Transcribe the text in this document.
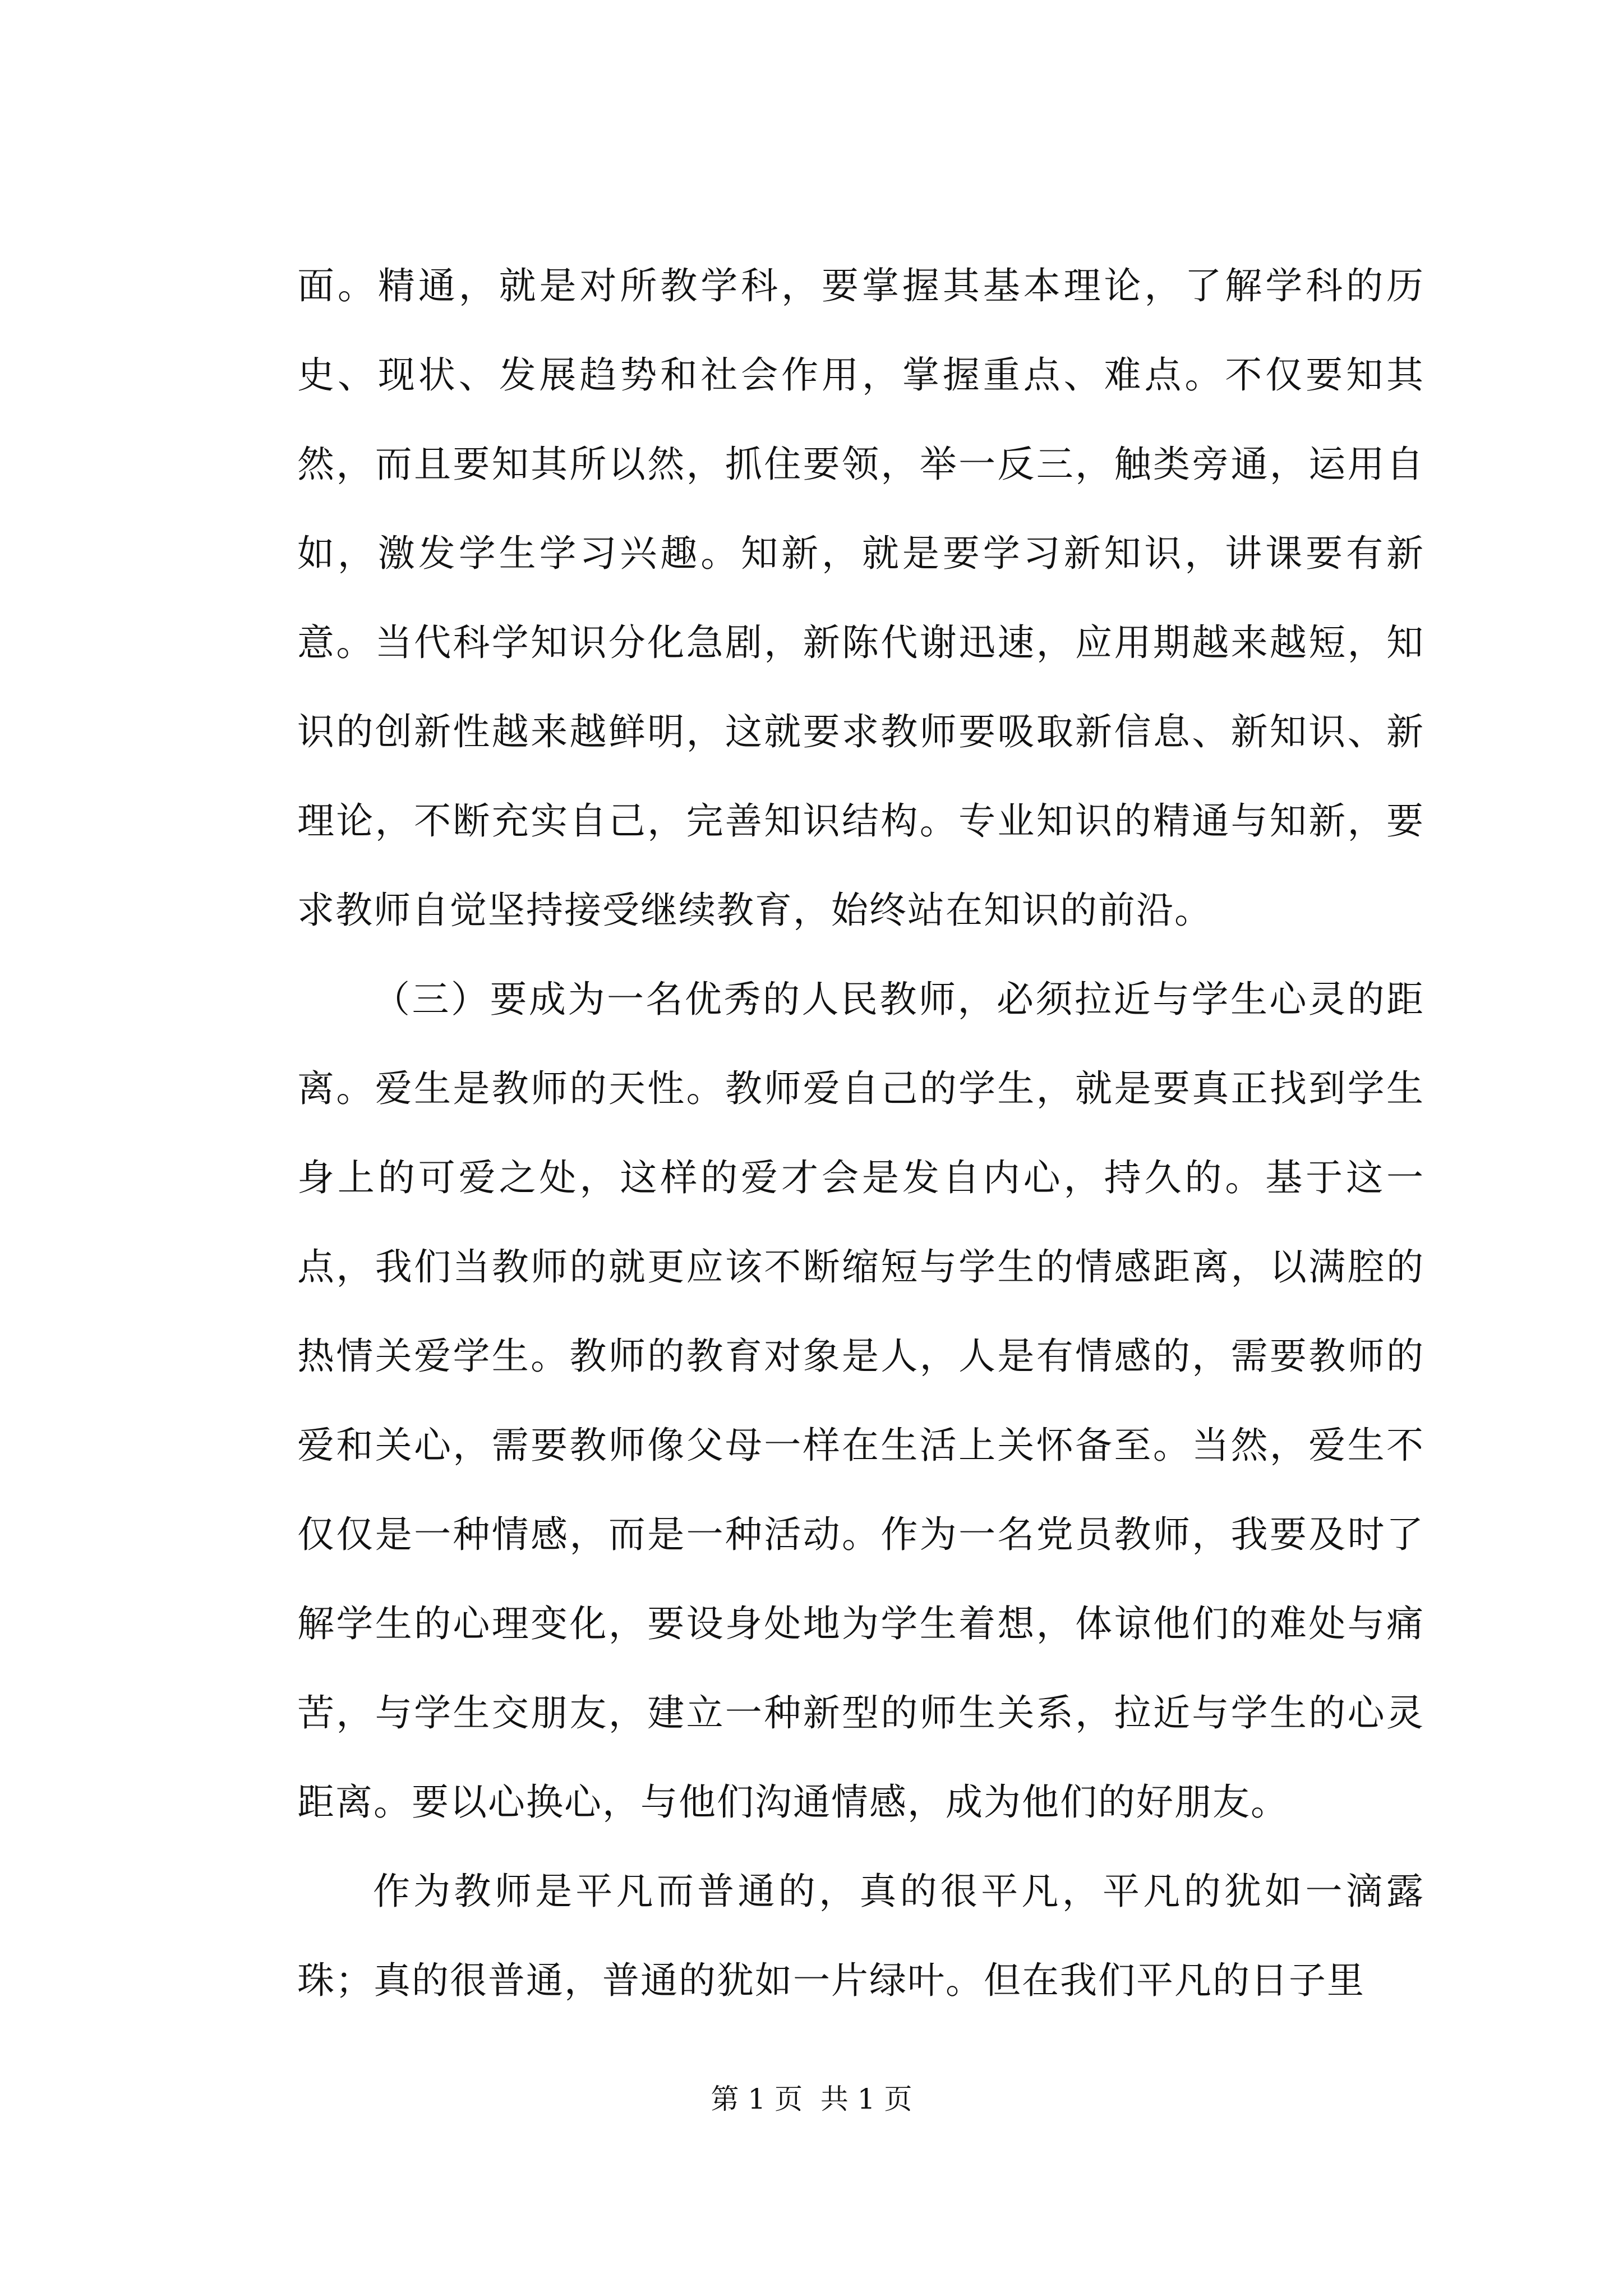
面。精通，就是对所教学科，要掌握其基本理论，了解学科的历史、现状、发展趋势和社会作用，掌握重点、难点。不仅要知其然，而且要知其所以然，抓住要领，举一反三，触类旁通，运用自如，激发学生学习兴趣。知新，就是要学习新知识，讲课要有新意。当代科学知识分化急剧，新陈代谢迅速，应用期越来越短，知识的创新性越来越鲜明，这就要求教师要吸取新信息、新知识、新理论，不断充实自己，完善知识结构。专业知识的精通与知新，要求教师自觉坚持接受继续教育，始终站在知识的前沿。

（三）要成为一名优秀的人民教师，必须拉近与学生心灵的距离。爱生是教师的天性。教师爱自己的学生，就是要真正找到学生身上的可爱之处，这样的爱才会是发自内心，持久的。基于这一点，我们当教师的就更应该不断缩短与学生的情感距离，以满腔的热情关爱学生。教师的教育对象是人，人是有情感的，需要教师的爱和关心，需要教师像父母一样在生活上关怀备至。当然，爱生不仅仅是一种情感，而是一种活动。作为一名党员教师，我要及时了解学生的心理变化，要设身处地为学生着想，体谅他们的难处与痛苦，与学生交朋友，建立一种新型的师生关系，拉近与学生的心灵距离。要以心换心，与他们沟通情感，成为他们的好朋友。

作为教师是平凡而普通的，真的很平凡，平凡的犹如一滴露珠；真的很普通，普通的犹如一片绿叶。但在我们平凡的日子里

第 1 页  共 1 页
